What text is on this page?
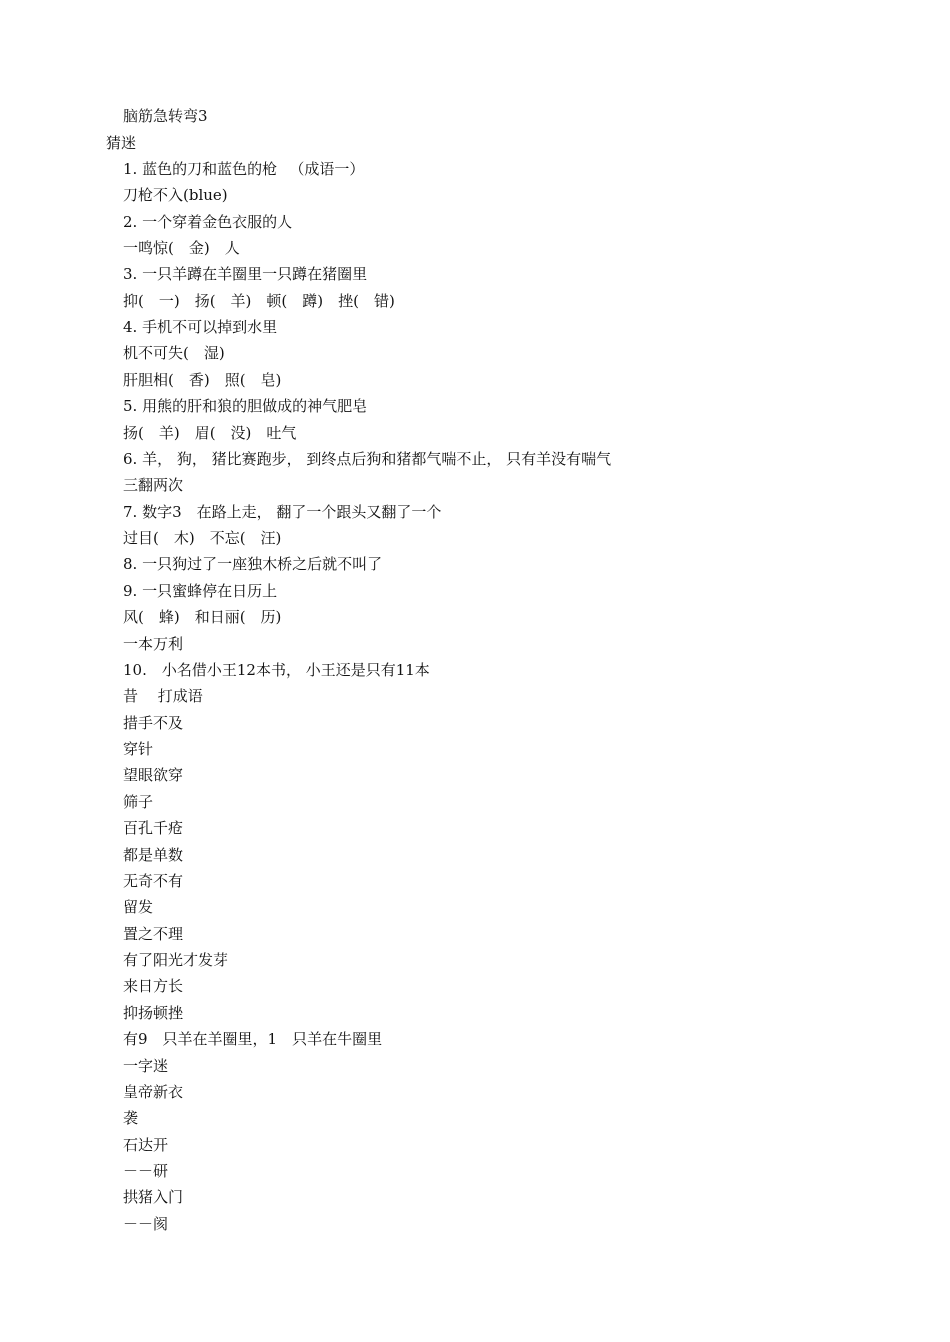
脑筋急转弯3
猜迷
1. 蓝色的刀和蓝色的枪 　（成语一）
刀枪不入(blue)
2. 一个穿着金色衣服的人
一鸣惊(　金)　人
3. 一只羊蹲在羊圈里一只蹲在猪圈里
抑(　一)　扬(　羊)　顿(　蹲)　挫(　错)
4. 手机不可以掉到水里
机不可失(　湿)
肝胆相(　香)　照(　皂)
5. 用熊的肝和狼的胆做成的神气肥皂
扬(　羊)　眉(　没)　吐气
6. 羊， 狗， 猪比赛跑步， 到终点后狗和猪都气喘不止， 只有羊没有喘气
三翻两次
7. 数字3　在路上走， 翻了一个跟头又翻了一个
过目(　木)　不忘(　汪)
8. 一只狗过了一座独木桥之后就不叫了
9. 一只蜜蜂停在日历上
风(　蜂)　和日丽(　历)
一本万利
10.　小名借小王12本书， 小王还是只有11本
昔 　打成语
措手不及
穿针
望眼欲穿
筛子
百孔千疮
都是单数
无奇不有
留发
置之不理
有了阳光才发芽
来日方长
抑扬顿挫
有9　只羊在羊圈里，1　只羊在牛圈里
一字迷
皇帝新衣
袭
石达开
－－研
拱猪入门
－－阂
